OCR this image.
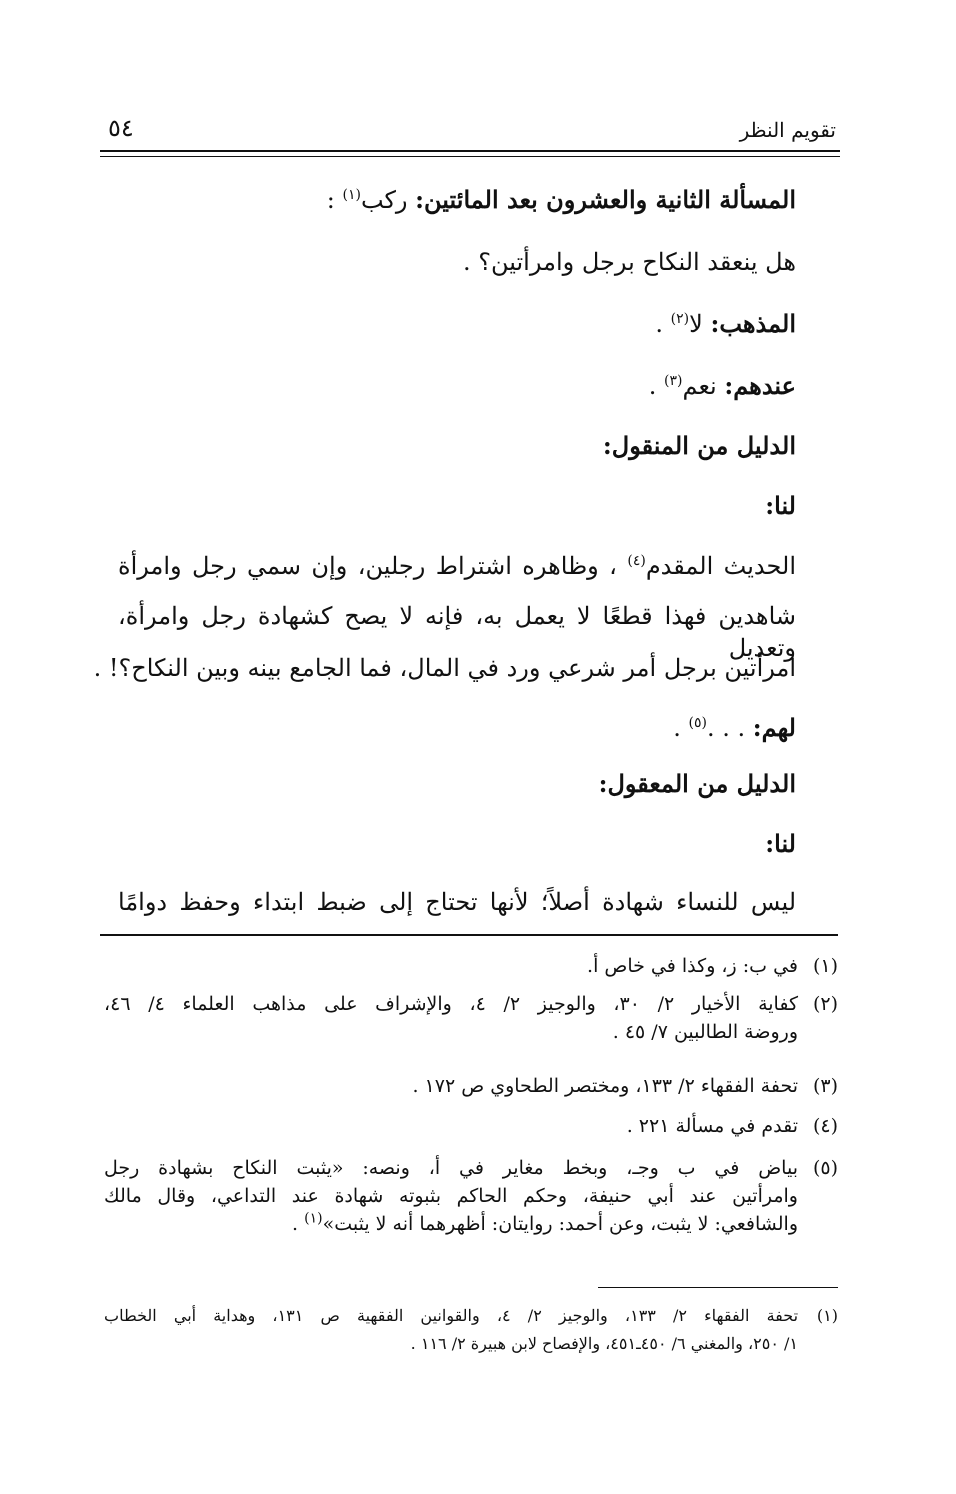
تقويم النظر
٥٤
المسألة الثانية والعشرون بعد المائتين: ركب$^{(١)}$ :
هل ينعقد النكاح برجل وامرأتين؟ .
المذهب: لا$^{(٢)}$ .
عندهم: نعم$^{(٣)}$ .
الدليل من المنقول:
لنا:
الحديث المقدم$^{(٤)}$ ، وظاهره اشتراط رجلين، وإن سمي رجل وامرأة
شاهدين فهذا قطعًا لا يعمل به، فإنه لا يصح كشهادة رجل وامرأة، وتعديل
امرأتين برجل أمر شرعي ورد في المال، فما الجامع بينه وبين النكاح؟! .
لهم: . . .$^{(٥)}$ .
الدليل من المعقول:
لنا:
ليس للنساء شهادة أصلاً؛ لأنها تحتاج إلى ضبط ابتداء وحفظ دوامًا
(١)
في ب: ز، وكذا في خاص أ.
(٢)
كفاية الأخيار ٢/ ٣٠، والوجيز ٢/ ٤، والإشراف على مذاهب العلماء ٤/ ٤٦،
وروضة الطالبين ٧/ ٤٥ .
(٣)
تحفة الفقهاء ٢/ ١٣٣، ومختصر الطحاوي ص ١٧٢ .
(٤)
تقدم في مسألة ٢٢١ .
(٥)
بياض في ب وجـ، وبخط مغاير في أ، ونصه: «يثبت النكاح بشهادة رجل
وامرأتين عند أبي حنيفة، وحكم الحاكم بثبوته شهادة عند التداعي، وقال مالك
والشافعي: لا يثبت، وعن أحمد: روايتان: أظهرهما أنه لا يثبت»$^{(١)}$ .
(١)
تحفة الفقهاء ٢/ ١٣٣، والوجيز ٢/ ٤، والقوانين الفقهية ص ١٣١، وهداية أبي الخطاب
١/ ٢٥٠، والمغني ٦/ ٤٥٠ـ٤٥١، والإفصاح لابن هبيرة ٢/ ١١٦ .
